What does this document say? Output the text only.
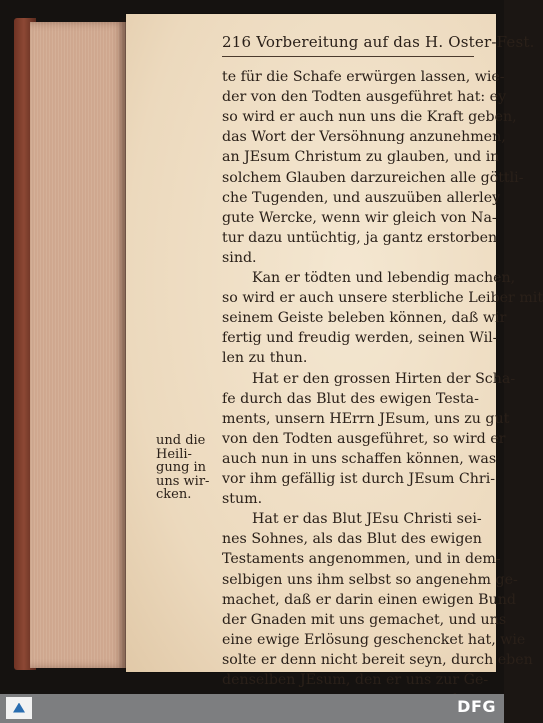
216 Vorbereitung auf das H. Oster-Fest.
te für die Schafe erwürgen lassen, wie-
der von den Todten ausgeführet hat: ey
so wird er auch nun uns die Kraft geben,
das Wort der Versöhnung anzunehmen,
an JEsum Christum zu glauben, und in
solchem Glauben darzureichen alle göttli-
che Tugenden, und auszuüben allerley
gute Wercke, wenn wir gleich von Na-
tur dazu untüchtig, ja gantz erstorben
sind.
Kan er tödten und lebendig machen,
so wird er auch unsere sterbliche Leiber mit
seinem Geiste beleben können, daß wir
fertig und freudig werden, seinen Wil-
len zu thun.
Hat er den grossen Hirten der Scha-
fe durch das Blut des ewigen Testa-
ments, unsern HErrn JEsum, uns zu gut
von den Todten ausgeführet, so wird er
auch nun in uns schaffen können, was
vor ihm gefällig ist durch JEsum Chri-
stum.
Hat er das Blut JEsu Christi sei-
nes Sohnes, als das Blut des ewigen
Testaments angenommen, und in dem-
selbigen uns ihm selbst so angenehm ge-
machet, daß er darin einen ewigen Bund
der Gnaden mit uns gemachet, und uns
eine ewige Erlösung geschencket hat, wie
solte er denn nicht bereit seyn, durch eben
denselben JEsum, den er uns zur Ge-
und die
Heili-
gung in
uns wir-
cken.
DFG
